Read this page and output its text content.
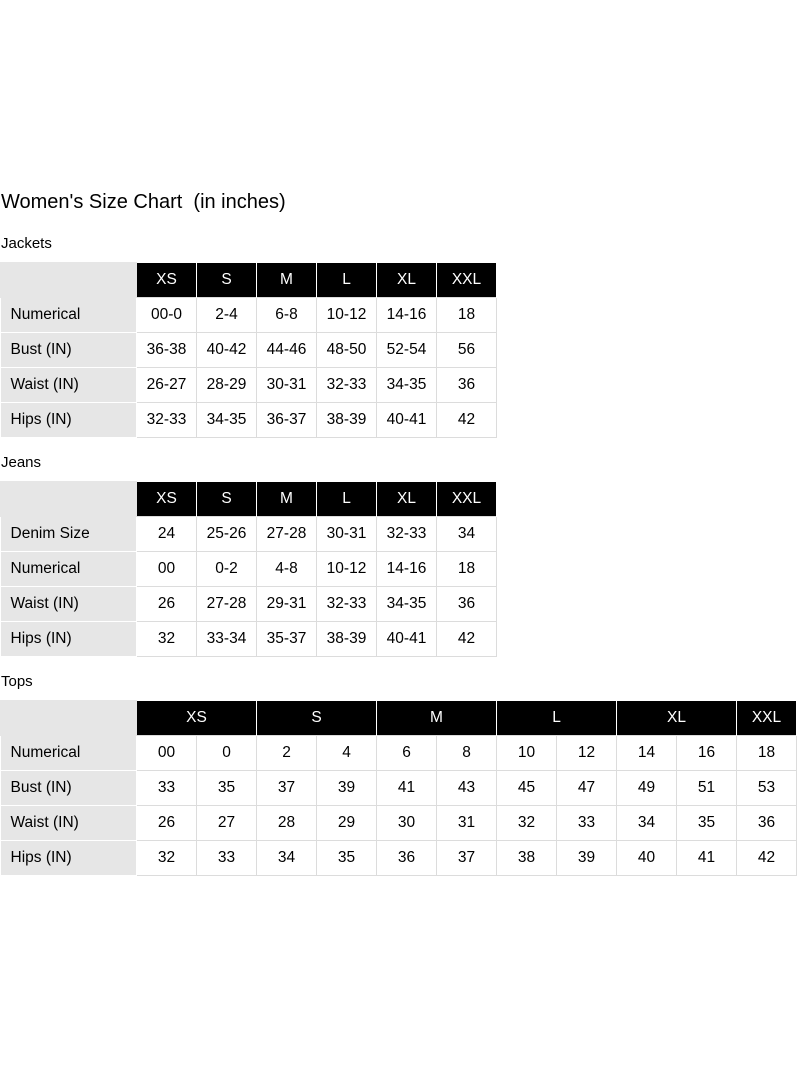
Women's Size Chart  (in inches)
Jackets
	XS	S	M	L	XL	XXL
Numerical	00-0	2-4	6-8	10-12	14-16	18
Bust (IN)	36-38	40-42	44-46	48-50	52-54	56
Waist (IN)	26-27	28-29	30-31	32-33	34-35	36
Hips (IN)	32-33	34-35	36-37	38-39	40-41	42
Jeans
	XS	S	M	L	XL	XXL
Denim Size	24	25-26	27-28	30-31	32-33	34
Numerical	00	0-2	4-8	10-12	14-16	18
Waist (IN)	26	27-28	29-31	32-33	34-35	36
Hips (IN)	32	33-34	35-37	38-39	40-41	42
Tops
	XS		S		M		L		XL		XXL
Numerical	00	0	2	4	6	8	10	12	14	16	18
Bust (IN)	33	35	37	39	41	43	45	47	49	51	53
Waist (IN)	26	27	28	29	30	31	32	33	34	35	36
Hips (IN)	32	33	34	35	36	37	38	39	40	41	42
